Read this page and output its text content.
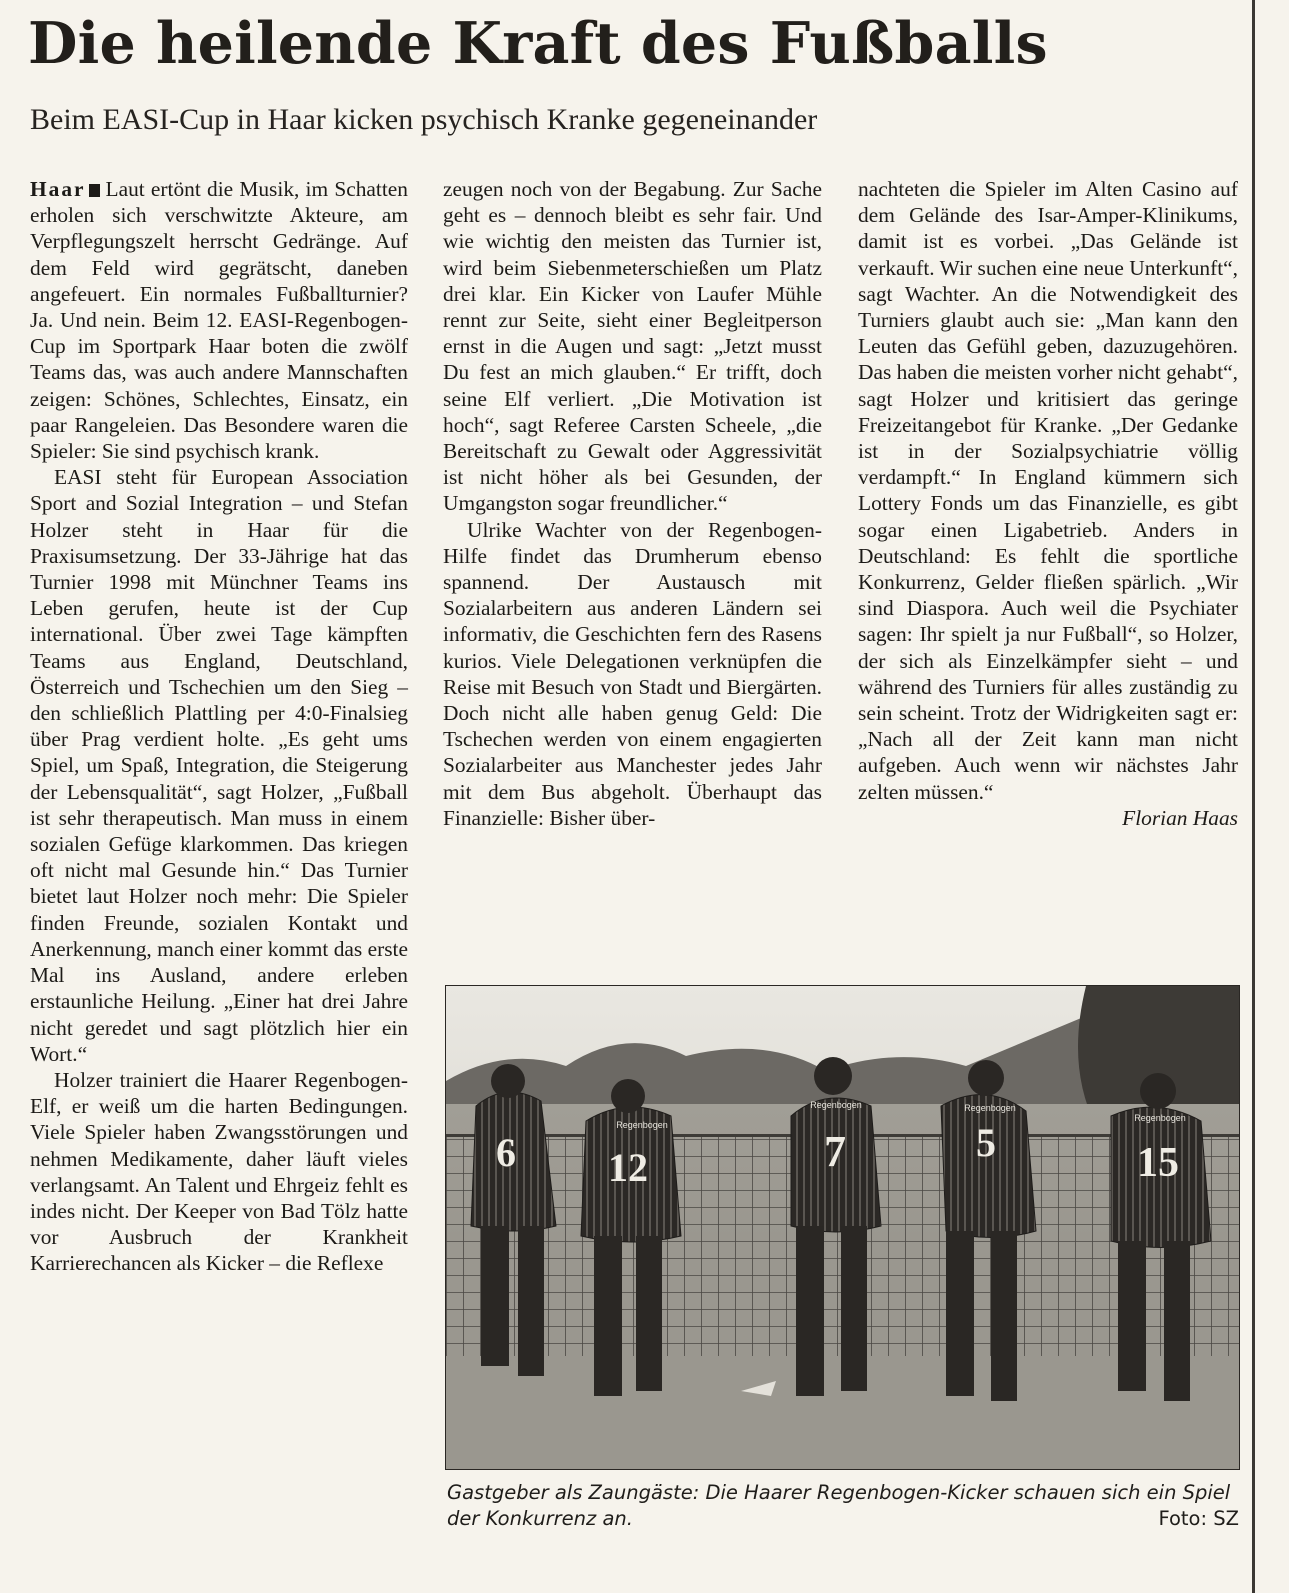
Die heilende Kraft des Fußballs

Beim EASI-Cup in Haar kicken psychisch Kranke gegeneinander

Haar Laut ertönt die Musik, im Schatten erholen sich verschwitzte Akteure, am Verpflegungszelt herrscht Gedränge. Auf dem Feld wird gegrätscht, daneben angefeuert. Ein normales Fußballturnier? Ja. Und nein. Beim 12. EASI-Regenbogen-Cup im Sportpark Haar boten die zwölf Teams das, was auch andere Mannschaften zeigen: Schönes, Schlechtes, Einsatz, ein paar Rangeleien. Das Besondere waren die Spieler: Sie sind psychisch krank.

EASI steht für European Association Sport and Sozial Integration – und Stefan Holzer steht in Haar für die Praxisumsetzung. Der 33-Jährige hat das Turnier 1998 mit Münchner Teams ins Leben gerufen, heute ist der Cup international. Über zwei Tage kämpften Teams aus England, Deutschland, Österreich und Tschechien um den Sieg – den schließlich Plattling per 4:0-Finalsieg über Prag verdient holte. „Es geht ums Spiel, um Spaß, Integration, die Steigerung der Lebensqualität“, sagt Holzer, „Fußball ist sehr therapeutisch. Man muss in einem sozialen Gefüge klarkommen. Das kriegen oft nicht mal Gesunde hin.“ Das Turnier bietet laut Holzer noch mehr: Die Spieler finden Freunde, sozialen Kontakt und Anerkennung, manch einer kommt das erste Mal ins Ausland, andere erleben erstaunliche Heilung. „Einer hat drei Jahre nicht geredet und sagt plötzlich hier ein Wort.“

Holzer trainiert die Haarer Regenbogen-Elf, er weiß um die harten Bedingungen. Viele Spieler haben Zwangsstörungen und nehmen Medikamente, daher läuft vieles verlangsamt. An Talent und Ehrgeiz fehlt es indes nicht. Der Keeper von Bad Tölz hatte vor Ausbruch der Krankheit Karrierechancen als Kicker – die Reflexe

zeugen noch von der Begabung. Zur Sache geht es – dennoch bleibt es sehr fair. Und wie wichtig den meisten das Turnier ist, wird beim Siebenmeterschießen um Platz drei klar. Ein Kicker von Laufer Mühle rennt zur Seite, sieht einer Begleitperson ernst in die Augen und sagt: „Jetzt musst Du fest an mich glauben.“ Er trifft, doch seine Elf verliert. „Die Motivation ist hoch“, sagt Referee Carsten Scheele, „die Bereitschaft zu Gewalt oder Aggressivität ist nicht höher als bei Gesunden, der Umgangston sogar freundlicher.“

Ulrike Wachter von der Regenbogen-Hilfe findet das Drumherum ebenso spannend. Der Austausch mit Sozialarbeitern aus anderen Ländern sei informativ, die Geschichten fern des Rasens kurios. Viele Delegationen verknüpfen die Reise mit Besuch von Stadt und Biergärten. Doch nicht alle haben genug Geld: Die Tschechen werden von einem engagierten Sozialarbeiter aus Manchester jedes Jahr mit dem Bus abgeholt. Überhaupt das Finanzielle: Bisher über-

nachteten die Spieler im Alten Casino auf dem Gelände des Isar-Amper-Klinikums, damit ist es vorbei. „Das Gelände ist verkauft. Wir suchen eine neue Unterkunft“, sagt Wachter. An die Notwendigkeit des Turniers glaubt auch sie: „Man kann den Leuten das Gefühl geben, dazuzugehören. Das haben die meisten vorher nicht gehabt“, sagt Holzer und kritisiert das geringe Freizeitangebot für Kranke. „Der Gedanke ist in der Sozialpsychiatrie völlig verdampft.“ In England kümmern sich Lottery Fonds um das Finanzielle, es gibt sogar einen Ligabetrieb. Anders in Deutschland: Es fehlt die sportliche Konkurrenz, Gelder fließen spärlich. „Wir sind Diaspora. Auch weil die Psychiater sagen: Ihr spielt ja nur Fußball“, so Holzer, der sich als Einzelkämpfer sieht – und während des Turniers für alles zuständig zu sein scheint. Trotz der Widrigkeiten sagt er: „Nach all der Zeit kann man nicht aufgeben. Auch wenn wir nächstes Jahr zelten müssen.“

Florian Haas

6 12	7	5	15
Regenbogen
Regenbogen	Regenbogen
Regenbogen
Gastgeber als Zaungäste: Die Haarer Regenbogen-Kicker schauen sich ein Spiel der Konkurrenz an.	Foto: SZ
